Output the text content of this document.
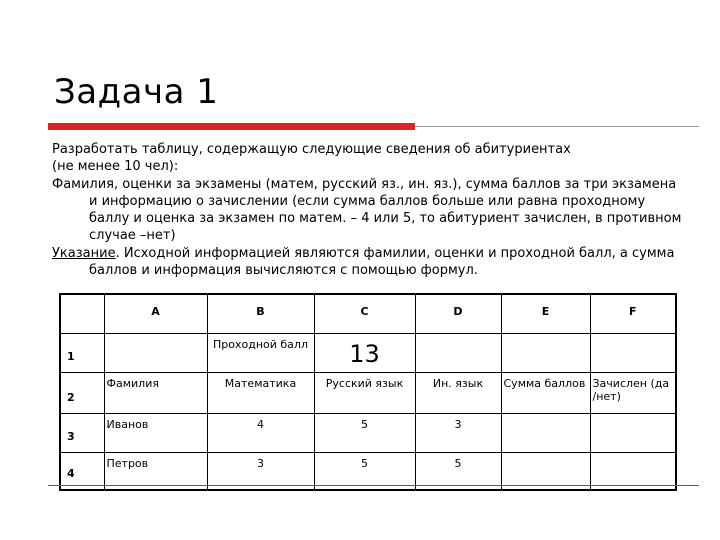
Задача 1

Разработать таблицу, содержащую следующие сведения об абитуриентах

(не менее 10 чел):

Фамилия, оценки за экзамены (матем, русский яз., ин. яз.), сумма баллов за три экзамена и информацию о зачислении (если сумма баллов больше или равна проходному баллу и оценка за экзамен по матем. – 4 или 5, то абитуриент зачислен, в противном случае –нет)

Указание. Исходной информацией являются фамилии, оценки и проходной балл, а сумма баллов и информация вычисляются с помощью формул.

	A	B	C	D	E	F
1		Проходной балл	13			

2	Фамилия	Математика	Русский язык	Ин. язык	Сумма баллов	Зачислен (да /нет)

3	Иванов	4	5	3		

4	Петров	3	5	5		
